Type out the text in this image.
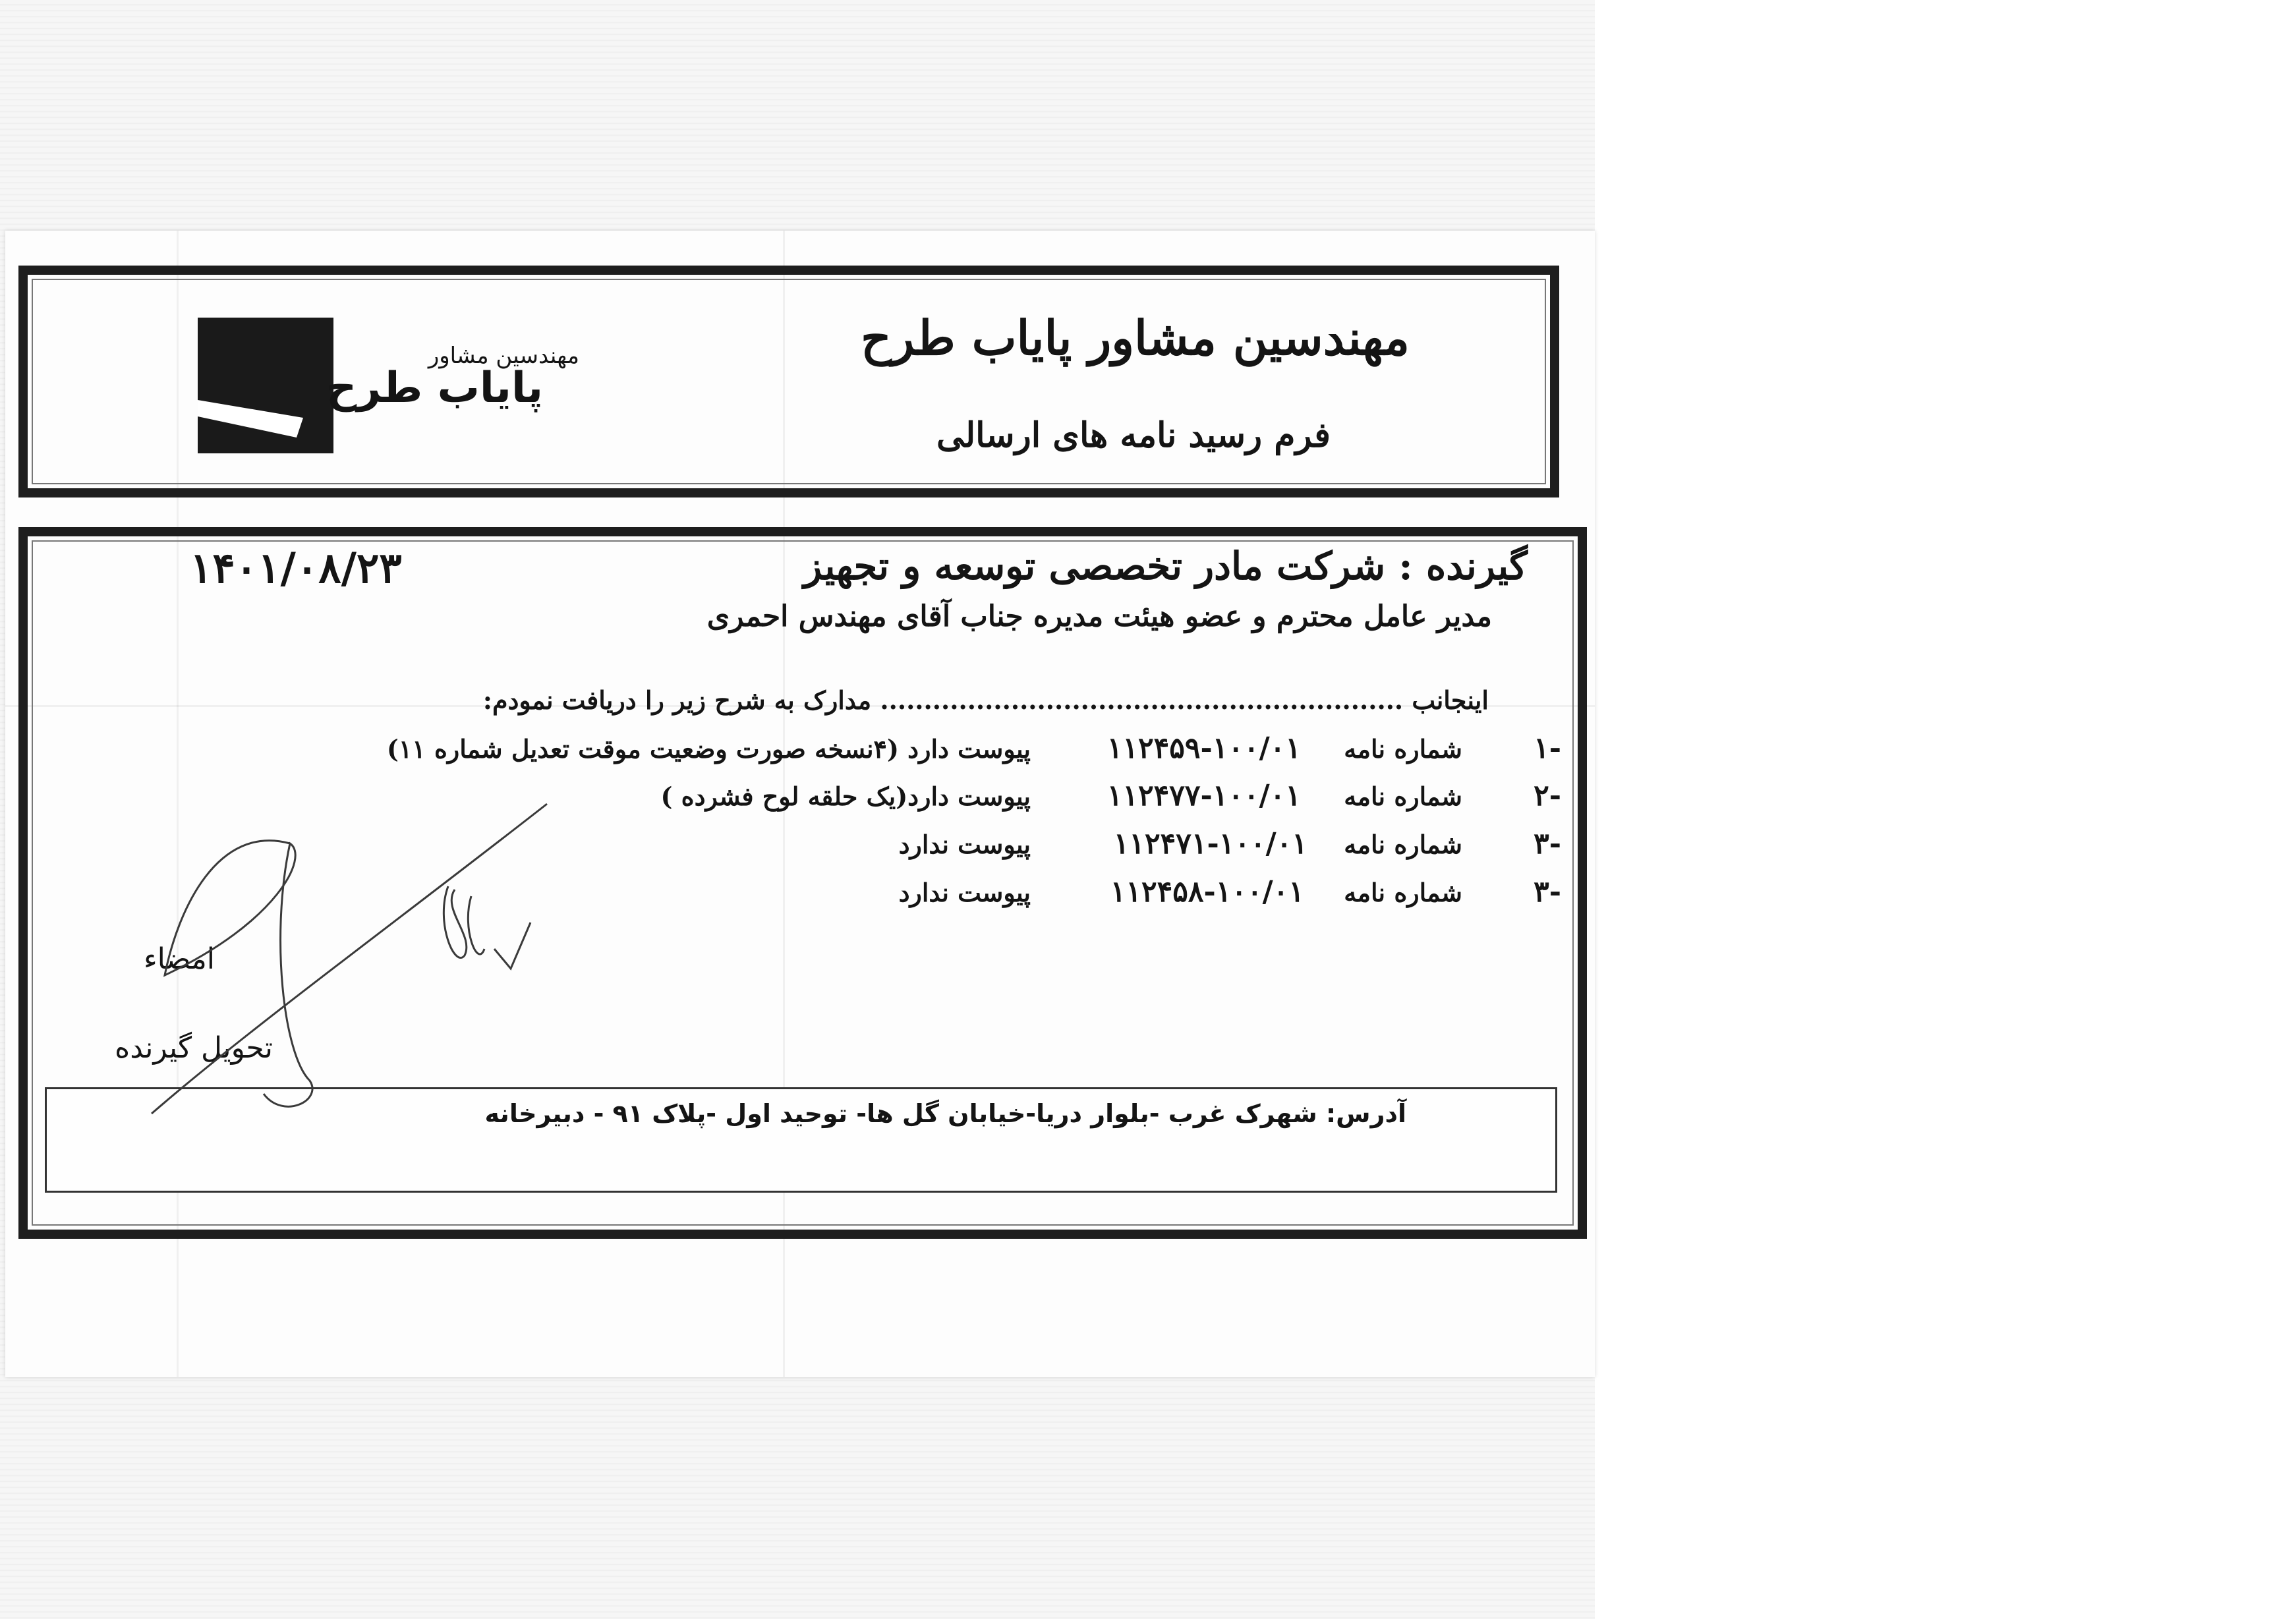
مهندسین مشاور پایاب طرح
فرم رسید نامه های ارسالی
مهندسین مشاور
پایاب طرح
۱۴۰۱/۰۸/۲۳	گیرنده : شرکت مادر تخصصی توسعه و تجهیز
مدیر عامل محترم و عضو هیئت مدیره جناب آقای مهندس احمری
اینجانب ............................................................ مدارک به شرح زیر را دریافت نمودم:
-۱
شماره نامه
۱۱۲۴۵۹-۱۰۰/۰۱
پیوست دارد (۴نسخه صورت وضعیت موقت تعدیل شماره ۱۱)
-۲
شماره نامه
۱۱۲۴۷۷-۱۰۰/۰۱
پیوست دارد(یک حلقه لوح فشرده )
-۳
شماره نامه
۱۱۲۴۷۱-۱۰۰/۰۱
پیوست ندارد
-۳
شماره نامه
۱۱۲۴۵۸-۱۰۰/۰۱
پیوست ندارد
امضاء
تحویل گیرنده
آدرس: شهرک غرب -بلوار دریا-خیابان گل ها- توحید اول -پلاک ۹۱ - دبیرخانه
